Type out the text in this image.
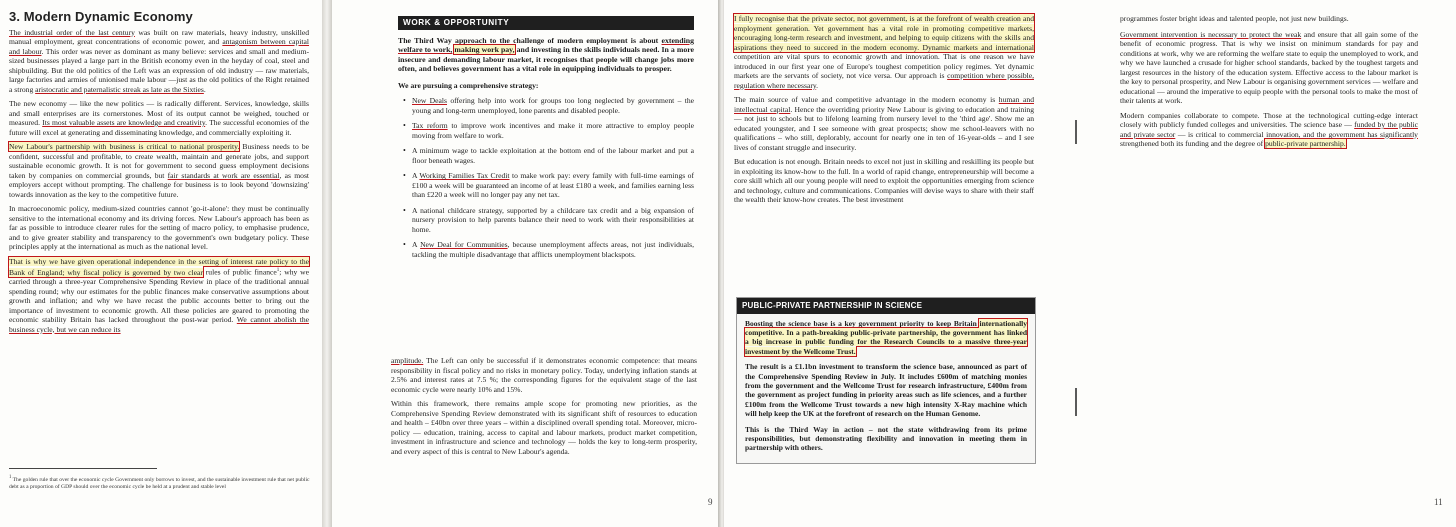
3. Modern Dynamic Economy

The industrial order of the last century was built on raw materials, heavy industry, unskilled manual employment, great concentrations of economic power, and antagonism between capital and labour. This order was never as dominant as many believe: services and small and medium-sized businesses played a large part in the British economy even in the heyday of coal, steel and shipbuilding. But the old politics of the Left was an expression of old industry — raw materials, large factories and armies of unionised male labour —just as the old politics of the Right retained a strong aristocratic and paternalistic streak as late as the Sixties.

The new economy — like the new politics — is radically different. Services, knowledge, skills and small enterprises are its cornerstones. Most of its output cannot be weighed, touched or measured. Its most valuable assets are knowledge and creativity. The successful economies of the future will excel at generating and disseminating knowledge, and commercially exploiting it.

New Labour's partnership with business is critical to national prosperity. Business needs to be confident, successful and profitable, to create wealth, maintain and generate jobs, and support sustainable economic growth. It is not for government to second guess employment decisions taken by companies on commercial grounds, but fair standards at work are essential, as most employers accept without prompting. The challenge for business is to look beyond 'downsizing' towards innovation as the key to the competitive future.

In macroeconomic policy, medium-sized countries cannot 'go-it-alone': they must be continually sensitive to the international economy and its driving forces. New Labour's approach has been as far as possible to introduce clearer rules for the setting of macro policy, to emphasise prudence, and to give greater stability and transparency to the government's own budgetary policy. These principles apply at the international as much as the national level.

That is why we have given operational independence in the setting of interest rate policy to the Bank of England; why fiscal policy is governed by two clear rules of public finance$^1$; why we carried through a three-year Comprehensive Spending Review in place of the traditional annual spending round; why our estimates for the public finances make conservative assumptions about growth and inflation; and why we have recast the public accounts better to bring out the importance of investment to economic growth. All these policies are geared to promoting the economic stability Britain has lacked throughout the post-war period. We cannot abolish the business cycle, but we can reduce its

$^1$ The golden rule that over the economic cycle Government only borrows to invest, and the sustainable investment rule that net public debt as a proportion of GDP should over the economic cycle be held at a prudent and stable level
WORK & OPPORTUNITY
The Third Way approach to the challenge of modern employment is about extending welfare to work, making work pay, and investing in the skills individuals need. In a more insecure and demanding labour market, it recognises that people will change jobs more often, and believes government has a vital role in equipping individuals to prosper.
We are pursuing a comprehensive strategy:
• New Deals offering help into work for groups too long neglected by government – the young and long-term unemployed, lone parents and disabled people.
• Tax reform to improve work incentives and make it more attractive to employ people moving from welfare to work.
• A minimum wage to tackle exploitation at the bottom end of the labour market and put a floor beneath wages.
• A Working Families Tax Credit to make work pay: every family with full-time earnings of £100 a week will be guaranteed an income of at least £180 a week, and families earning less than £220 a week will no longer pay any net tax.
• A national childcare strategy, supported by a childcare tax credit and a big expansion of nursery provision to help parents balance their need to work with their responsibilities at home.
• A New Deal for Communities, because unemployment affects areas, not just individuals, tackling the multiple disadvantage that afflicts unemployment blackspots.

amplitude. The Left can only be successful if it demonstrates economic competence: that means responsibility in fiscal policy and no risks in monetary policy. Today, underlying inflation stands at 2.5% and interest rates at 7.5 %; the corresponding figures for the equivalent stage of the last economic cycle were nearly 10% and 15%.

Within this framework, there remains ample scope for promoting new priorities, as the Comprehensive Spending Review demonstrated with its significant shift of resources to education and health – £40bn over three years – within a disciplined overall spending total. Moreover, micro-policy — education, training, access to capital and labour markets, product market competition, investment in infrastructure and science and technology — holds the key to long-term prosperity, and every aspect of this is central to New Labour's agenda.

9

I fully recognise that the private sector, not government, is at the forefront of wealth creation and employment generation. Yet government has a vital role in promoting competitive markets, encouraging long-term research and investment, and helping to equip citizens with the skills and aspirations they need to succeed in the modern economy. Dynamic markets and international competition are vital spurs to economic growth and innovation. That is one reason we have introduced in our first year one of Europe's toughest competition policy regimes. Yet dynamic markets are the servants of society, not vice versa. Our approach is competition where possible, regulation where necessary.

The main source of value and competitive advantage in the modern economy is human and intellectual capital. Hence the overriding priority New Labour is giving to education and training — not just to schools but to lifelong learning from nursery level to the 'third age'. Show me an educated youngster, and I see someone with great prospects; show me school-leavers with no qualifications – who still, deplorably, account for nearly one in ten of 16-year-olds – and I see lives of constant struggle and insecurity.

But education is not enough. Britain needs to excel not just in skilling and reskilling its people but in exploiting its know-how to the full. In a world of rapid change, entrepreneurship will become a core skill which all our young people will need to exploit the opportunities emerging from science and technology, culture and communications. Companies will devise ways to share with their staff the wealth their know-how creates. The best investment

PUBLIC-PRIVATE PARTNERSHIP IN SCIENCE

Boosting the science base is a key government priority to keep Britain internationally competitive. In a path-breaking public-private partnership, the government has linked a big increase in public funding for the Research Councils to a massive three-year investment by the Wellcome Trust.

The result is a £1.1bn investment to transform the science base, announced as part of the Comprehensive Spending Review in July. It includes £600m of matching monies from the government and the Wellcome Trust for research infrastructure, £400m from the government as project funding in priority areas such as life sciences, and a further £100m from the Wellcome Trust towards a new high intensity X-Ray machine which will help keep the UK at the forefront of research on the Human Genome.

This is the Third Way in action – not the state withdrawing from its prime responsibilities, but demonstrating flexibility and innovation in meeting them in partnership with others.

programmes foster bright ideas and talented people, not just new buildings.

Government intervention is necessary to protect the weak and ensure that all gain some of the benefit of economic progress. That is why we insist on minimum standards for pay and conditions at work, why we are reforming the welfare state to equip the unemployed to work, and why we have launched a crusade for higher school standards, backed by the toughest targets and largest resources in the history of the education system. Effective access to the labour market is the key to personal prosperity, and New Labour is organising government services — welfare and educational — around the imperative to equip people with the personal tools to make the most of their talents at work.

Modern companies collaborate to compete. Those at the technological cutting-edge interact closely with publicly funded colleges and universities. The science base — funded by the public and private sector — is critical to commercial innovation, and the government has significantly strengthened both its funding and the degree of public-private partnership.

11
